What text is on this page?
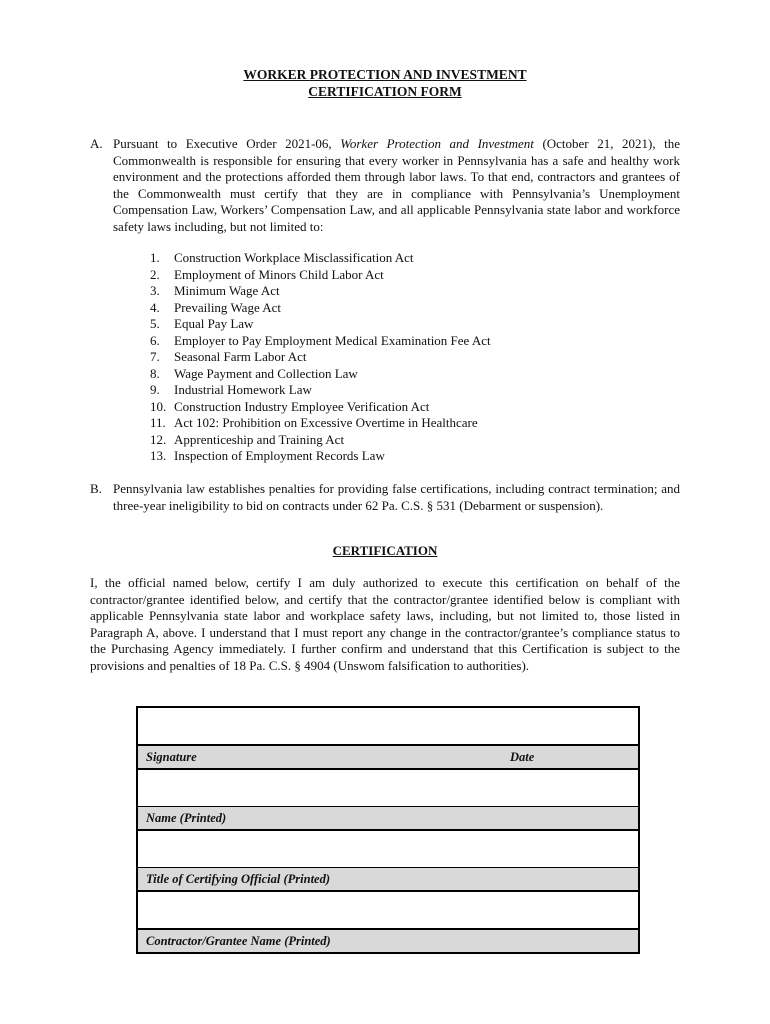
WORKER PROTECTION AND INVESTMENT
CERTIFICATION FORM
A. Pursuant to Executive Order 2021-06, Worker Protection and Investment (October 21, 2021), the Commonwealth is responsible for ensuring that every worker in Pennsylvania has a safe and healthy work environment and the protections afforded them through labor laws. To that end, contractors and grantees of the Commonwealth must certify that they are in compliance with Pennsylvania’s Unemployment Compensation Law, Workers’ Compensation Law, and all applicable Pennsylvania state labor and workforce safety laws including, but not limited to:
1.	Construction Workplace Misclassification Act
2.	Employment of Minors Child Labor Act
3.	Minimum Wage Act
4.	Prevailing Wage Act
5.	Equal Pay Law
6.	Employer to Pay Employment Medical Examination Fee Act
7.	Seasonal Farm Labor Act
8.	Wage Payment and Collection Law
9.	Industrial Homework Law
10. Construction Industry Employee Verification Act
11. Act 102: Prohibition on Excessive Overtime in Healthcare
12. Apprenticeship and Training Act
13. Inspection of Employment Records Law
B. Pennsylvania law establishes penalties for providing false certifications, including contract termination; and three-year ineligibility to bid on contracts under 62 Pa. C.S. § 531 (Debarment or suspension).
CERTIFICATION
I, the official named below, certify I am duly authorized to execute this certification on behalf of the contractor/grantee identified below, and certify that the contractor/grantee identified below is compliant with applicable Pennsylvania state labor and workplace safety laws, including, but not limited to, those listed in Paragraph A, above. I understand that I must report any change in the contractor/grantee’s compliance status to the Purchasing Agency immediately. I further confirm and understand that this Certification is subject to the provisions and penalties of 18 Pa. C.S. § 4904 (Unswom falsification to authorities).
Signature	Date
Name (Printed)
Title of Certifying Official (Printed)
Contractor/Grantee Name (Printed)
